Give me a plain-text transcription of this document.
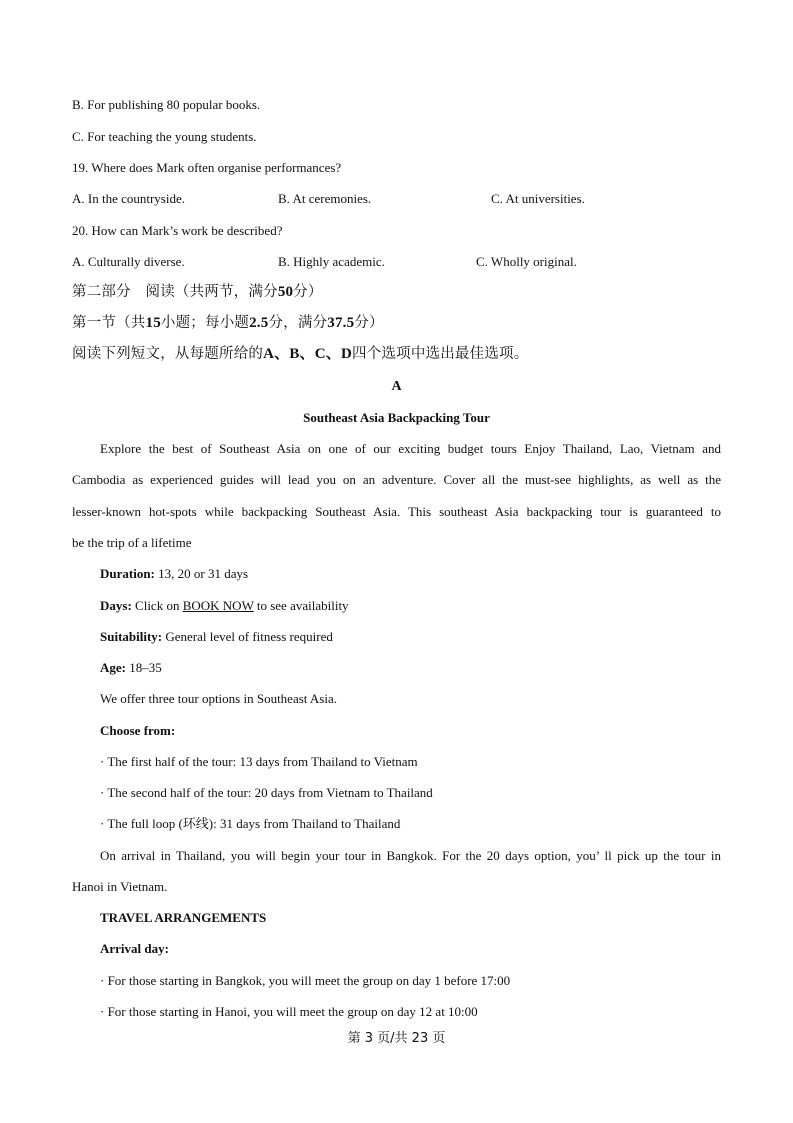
B. For publishing 80 popular books.
C. For teaching the young students.
19. Where does Mark often organise performances?
A. In the countryside.	B. At ceremonies.	C. At universities.
20. How can Mark’s work be described?
A. Culturally diverse.	B. Highly academic.	C. Wholly original.
第二部分　阅读（共两节，满分50分）
第一节（共15小题；每小题2.5分，满分37.5分）
阅读下列短文，从每题所给的A、B、C、D四个选项中选出最佳选项。
A
Southeast Asia Backpacking Tour
Explore the best of Southeast Asia on one of our exciting budget tours Enjoy Thailand, Lao, Vietnam and
Cambodia as experienced guides will lead you on an adventure. Cover all the must-see highlights, as well as the
lesser-known hot-spots while backpacking Southeast Asia. This southeast Asia backpacking tour is guaranteed to
be the trip of a lifetime
Duration: 13, 20 or 31 days
Days: Click on BOOK NOW to see availability
Suitability: General level of fitness required
Age: 18–35
We offer three tour options in Southeast Asia.
Choose from:
· The first half of the tour: 13 days from Thailand to Vietnam
· The second half of the tour: 20 days from Vietnam to Thailand
· The full loop (环线): 31 days from Thailand to Thailand
On arrival in Thailand, you will begin your tour in Bangkok. For the 20 days option, you’ ll pick up the tour in
Hanoi in Vietnam.
TRAVEL ARRANGEMENTS
Arrival day:
· For those starting in Bangkok, you will meet the group on day 1 before 17:00
· For those starting in Hanoi, you will meet the group on day 12 at 10:00
第 3 页/共 23 页
